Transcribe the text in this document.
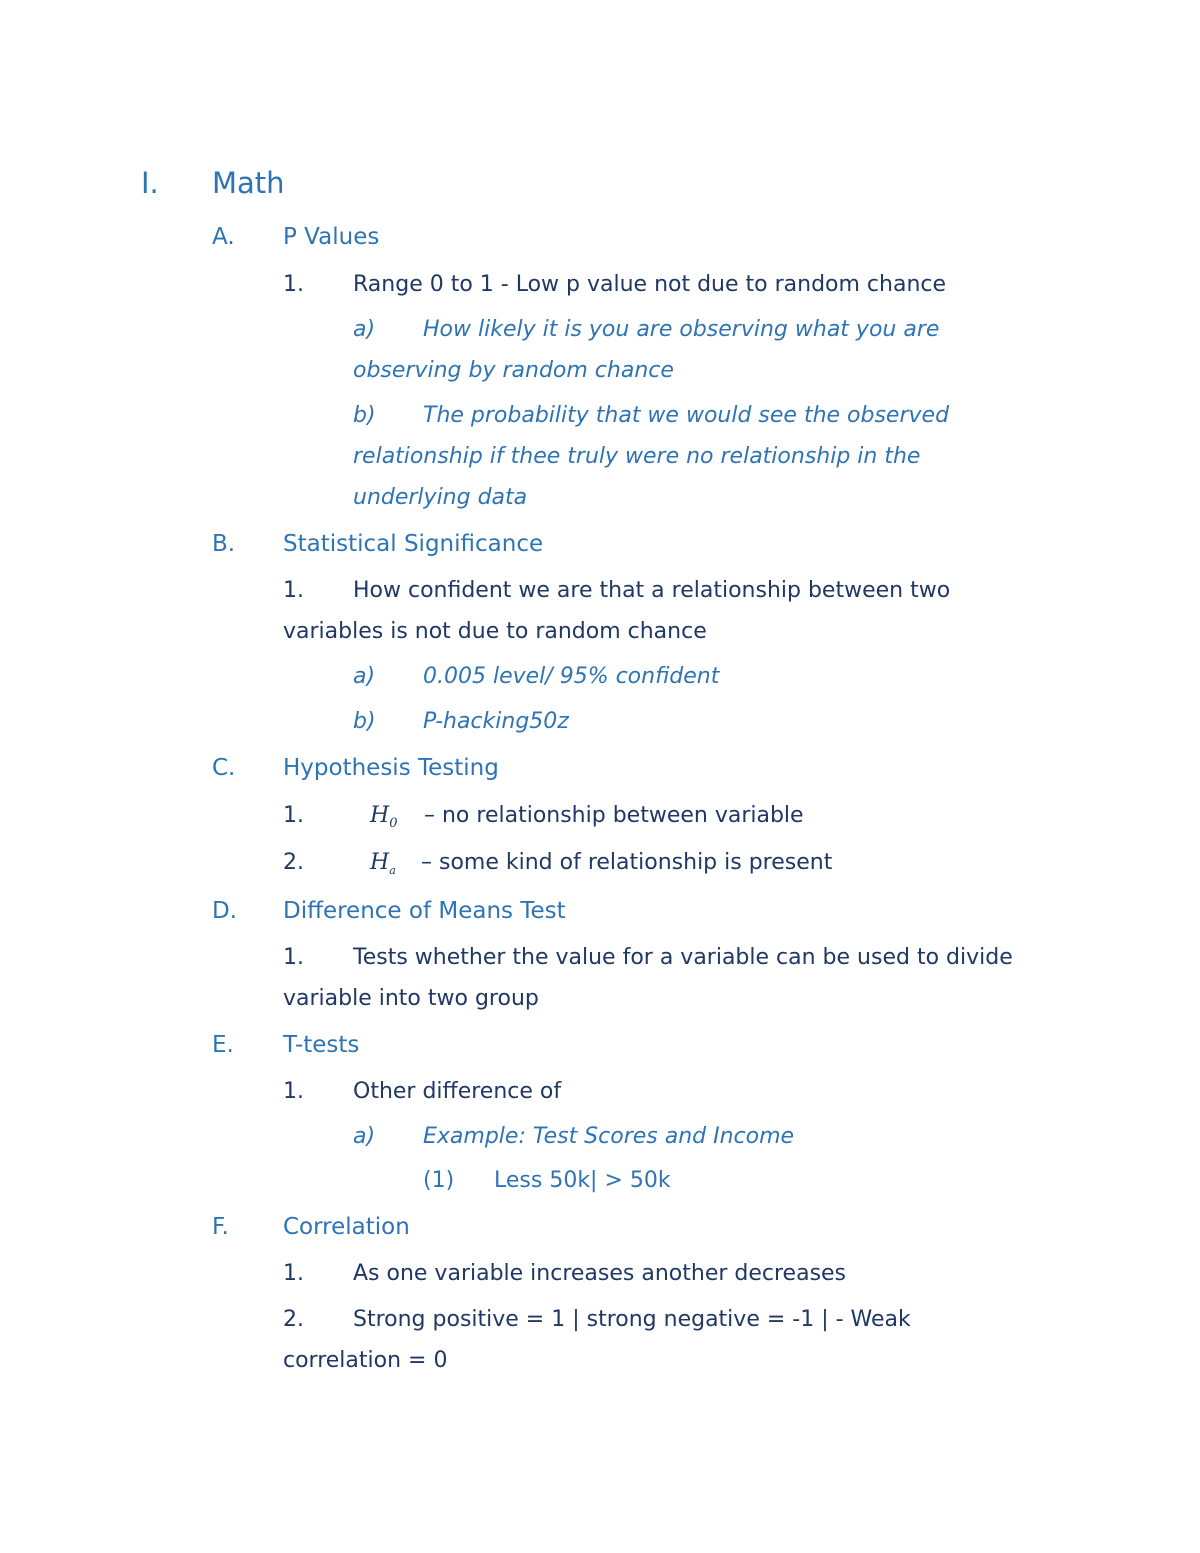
I. Math
A. P Values
1. Range 0 to 1 - Low p value not due to random chance
a) How likely it is you are observing what you are
observing by random chance
b) The probability that we would see the observed
relationship if thee truly were no relationship in the
underlying data
B. Statistical Significance
1. How confident we are that a relationship between two
variables is not due to random chance
a) 0.005 level/ 95% confident
b) P-hacking50z
C. Hypothesis Testing
1.	$H_0$ – no relationship between variable
2.	$H_a$ – some kind of relationship is present
D. Difference of Means Test
1. Tests whether the value for a variable can be used to divide
variable into two group
E. T-tests
1. Other difference of
a) Example: Test Scores and Income
(1) Less 50k| > 50k
F. Correlation
1. As one variable increases another decreases
2. Strong positive = 1 | strong negative = -1 | - Weak
correlation = 0
